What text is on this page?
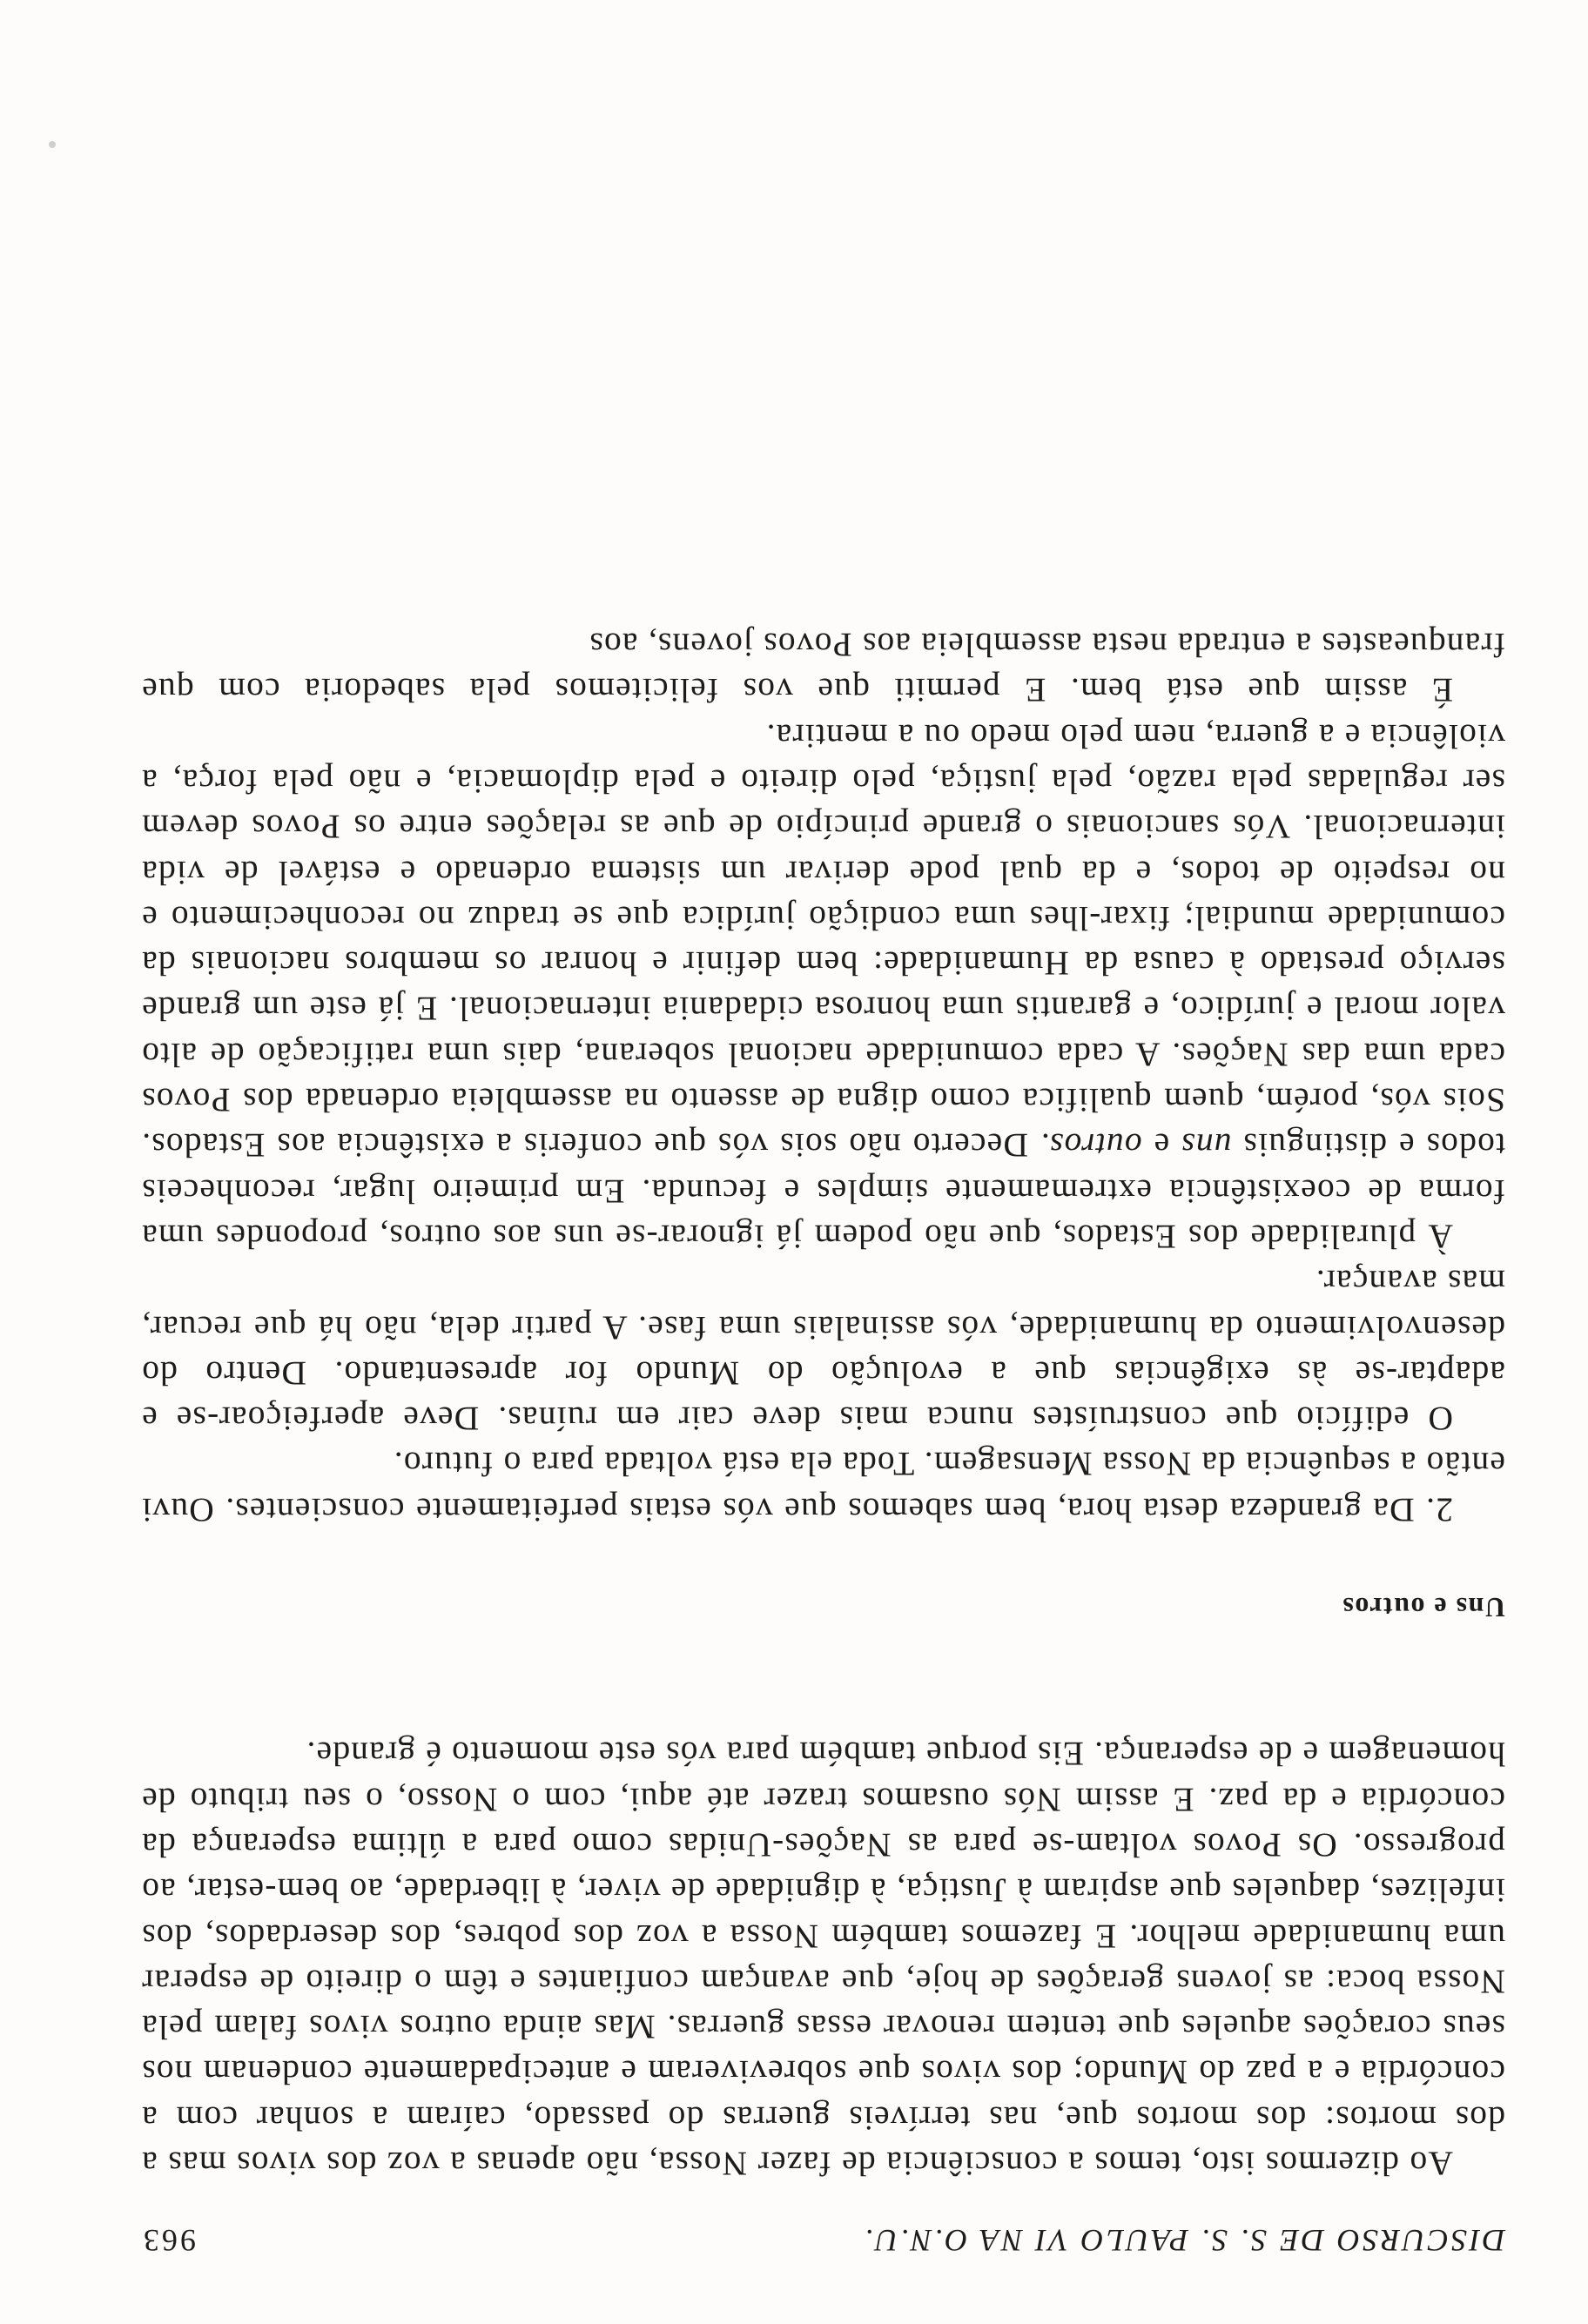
DISCURSO DE S. S. PAULO VI NA O.N.U.
963

Ao dizermos isto, temos a consciência de fazer Nossa, não apenas a voz dos vivos mas a dos mortos: dos mortos que, nas terríveis guerras do passado, caíram a sonhar com a concórdia e a paz do Mundo; dos vivos que sobreviveram e antecipadamente condenam nos seus corações aqueles que tentem renovar essas guerras. Mas ainda outros vivos falam pela Nossa boca: as jovens gerações de hoje, que avançam confiantes e têm o direito de esperar uma humanidade melhor. E fazemos também Nossa a voz dos pobres, dos deserdados, dos infelizes, daqueles que aspiram à Justiça, à dignidade de viver, à liberdade, ao bem-estar, ao progresso. Os Povos voltam-se para as Nações-Unidas como para a última esperança da concórdia e da paz. E assim Nós ousamos trazer até aqui, com o Nosso, o seu tributo de homenagem e de esperança. Eis porque também para vós este momento é grande.

Uns e outros

2. Da grandeza desta hora, bem sabemos que vós estais perfeitamente conscientes. Ouvi então a sequência da Nossa Mensagem. Toda ela está voltada para o futuro.

O edifício que construístes nunca mais deve cair em ruínas. Deve aperfeiçoar-se e adaptar-se às exigências que a evolução do Mundo for apresentando. Dentro do desenvolvimento da humanidade, vós assinalais uma fase. A partir dela, não há que recuar, mas avançar.

À pluralidade dos Estados, que não podem já ignorar-se uns aos outros, propondes uma forma de coexistência extremamente simples e fecunda. Em primeiro lugar, reconheceis todos e distinguis uns e outros. Decerto não sois vós que conferis a existência aos Estados. Sois vós, porém, quem qualifica como digna de assento na assembleia ordenada dos Povos cada uma das Nações. A cada comunidade nacional soberana, dais uma ratificação de alto valor moral e jurídico, e garantis uma honrosa cidadania internacional. E já este um grande serviço prestado à causa da Humanidade: bem definir e honrar os membros nacionais da comunidade mundial; fixar-lhes uma condição jurídica que se traduz no reconhecimento e no respeito de todos, e da qual pode derivar um sistema ordenado e estável de vida internacional. Vós sancionais o grande princípio de que as relações entre os Povos devem ser reguladas pela razão, pela justiça, pelo direito e pela diplomacia, e não pela força, a violência e a guerra, nem pelo medo ou a mentira.

É assim que está bem. E permiti que vos felicitemos pela sabedoria com que franqueastes a entrada nesta assembleia aos Povos jovens, aos
